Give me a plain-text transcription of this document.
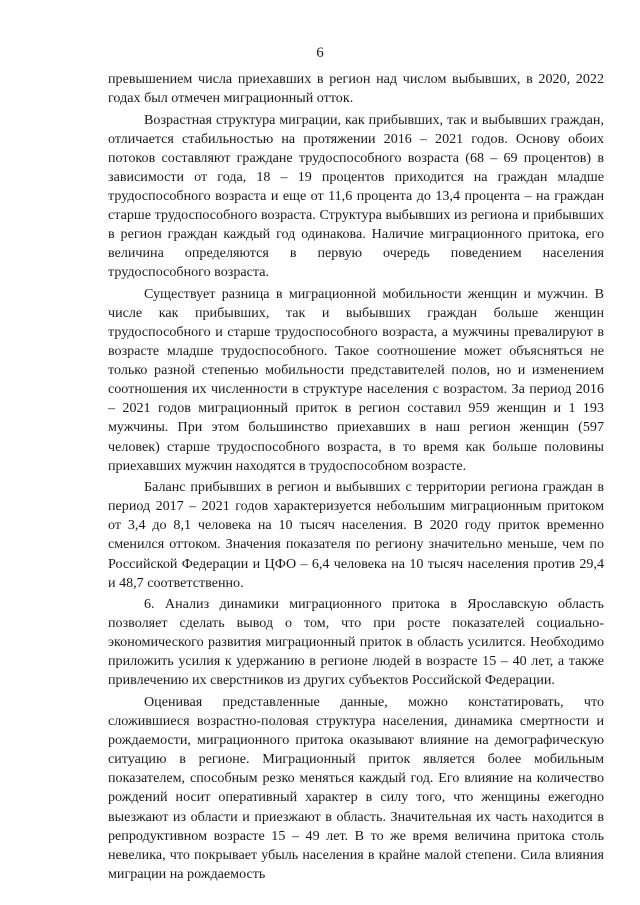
6

превышением числа приехавших в регион над числом выбывших, в 2020, 2022 годах был отмечен миграционный отток.

Возрастная структура миграции, как прибывших, так и выбывших граждан, отличается стабильностью на протяжении 2016 – 2021 годов. Основу обоих потоков составляют граждане трудоспособного возраста (68 – 69 процентов) в зависимости от года, 18 – 19 процентов приходится на граждан младше трудоспособного возраста и еще от 11,6 процента до 13,4 процента – на граждан старше трудоспособного возраста. Структура выбывших из региона и прибывших в регион граждан каждый год одинакова. Наличие миграционного притока, его величина определяются в первую очередь поведением населения трудоспособного возраста.

Существует разница в миграционной мобильности женщин и мужчин. В числе как прибывших, так и выбывших граждан больше женщин трудоспособного и старше трудоспособного возраста, а мужчины превалируют в возрасте младше трудоспособного. Такое соотношение может объясняться не только разной степенью мобильности представителей полов, но и изменением соотношения их численности в структуре населения с возрастом. За период 2016 – 2021 годов миграционный приток в регион составил 959 женщин и 1 193 мужчины. При этом большинство приехавших в наш регион женщин (597 человек) старше трудоспособного возраста, в то время как больше половины приехавших мужчин находятся в трудоспособном возрасте.

Баланс прибывших в регион и выбывших с территории региона граждан в период 2017 – 2021 годов характеризуется небольшим миграционным притоком от 3,4 до 8,1 человека на 10 тысяч населения. В 2020 году приток временно сменился оттоком. Значения показателя по региону значительно меньше, чем по Российской Федерации и ЦФО – 6,4 человека на 10 тысяч населения против 29,4 и 48,7 соответственно.

6. Анализ динамики миграционного притока в Ярославскую область позволяет сделать вывод о том, что при росте показателей социально-экономического развития миграционный приток в область усилится. Необходимо приложить усилия к удержанию в регионе людей в возрасте 15 – 40 лет, а также привлечению их сверстников из других субъектов Российской Федерации.

Оценивая представленные данные, можно констатировать, что сложившиеся возрастно-половая структура населения, динамика смертности и рождаемости, миграционного притока оказывают влияние на демографическую ситуацию в регионе. Миграционный приток является более мобильным показателем, способным резко меняться каждый год. Его влияние на количество рождений носит оперативный характер в силу того, что женщины ежегодно выезжают из области и приезжают в область. Значительная их часть находится в репродуктивном возрасте 15 – 49 лет. В то же время величина притока столь невелика, что покрывает убыль населения в крайне малой степени. Сила влияния миграции на рождаемость
